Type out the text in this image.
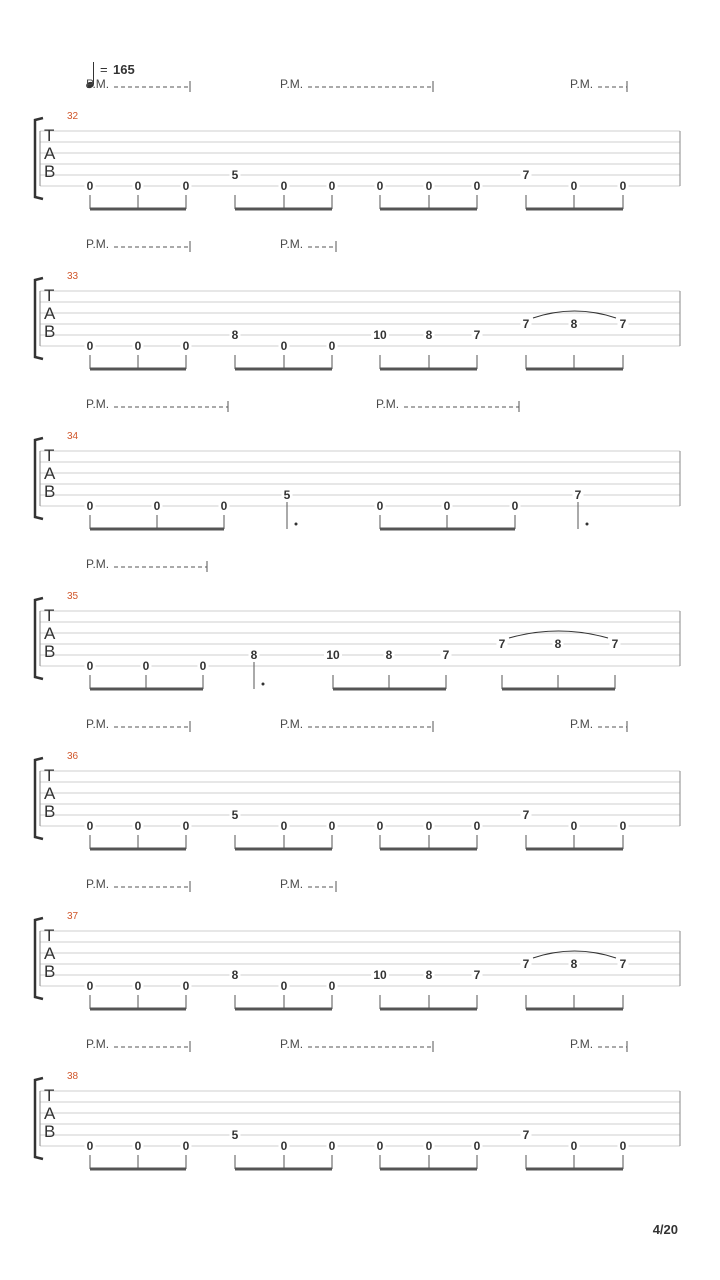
= 165
P.M.	P.M.	P.M.
32
T
A
B
0	0	0
5
0	0	0	0	0
7
0	0
P.M.	P.M.
33
T
A
B
0	0	0
8
0	0
10	8	7
7	8	7
P.M.	P.M.
34
T
A
B
0	0	0
5
0	0	0
7
P.M.
35
T
A
B
0	0	0
8	10	8	7
7	8	7
P.M.	P.M.	P.M.
36
T
A
B
0	0	0
5
0	0	0	0	0
7
0	0
P.M.	P.M.
37
T
A
B
0	0	0
8
0	0
10	8	7
7	8	7
P.M.	P.M.	P.M.
38
T
A
B
0	0	0
5
0	0	0	0	0
7
0	0
4/20
